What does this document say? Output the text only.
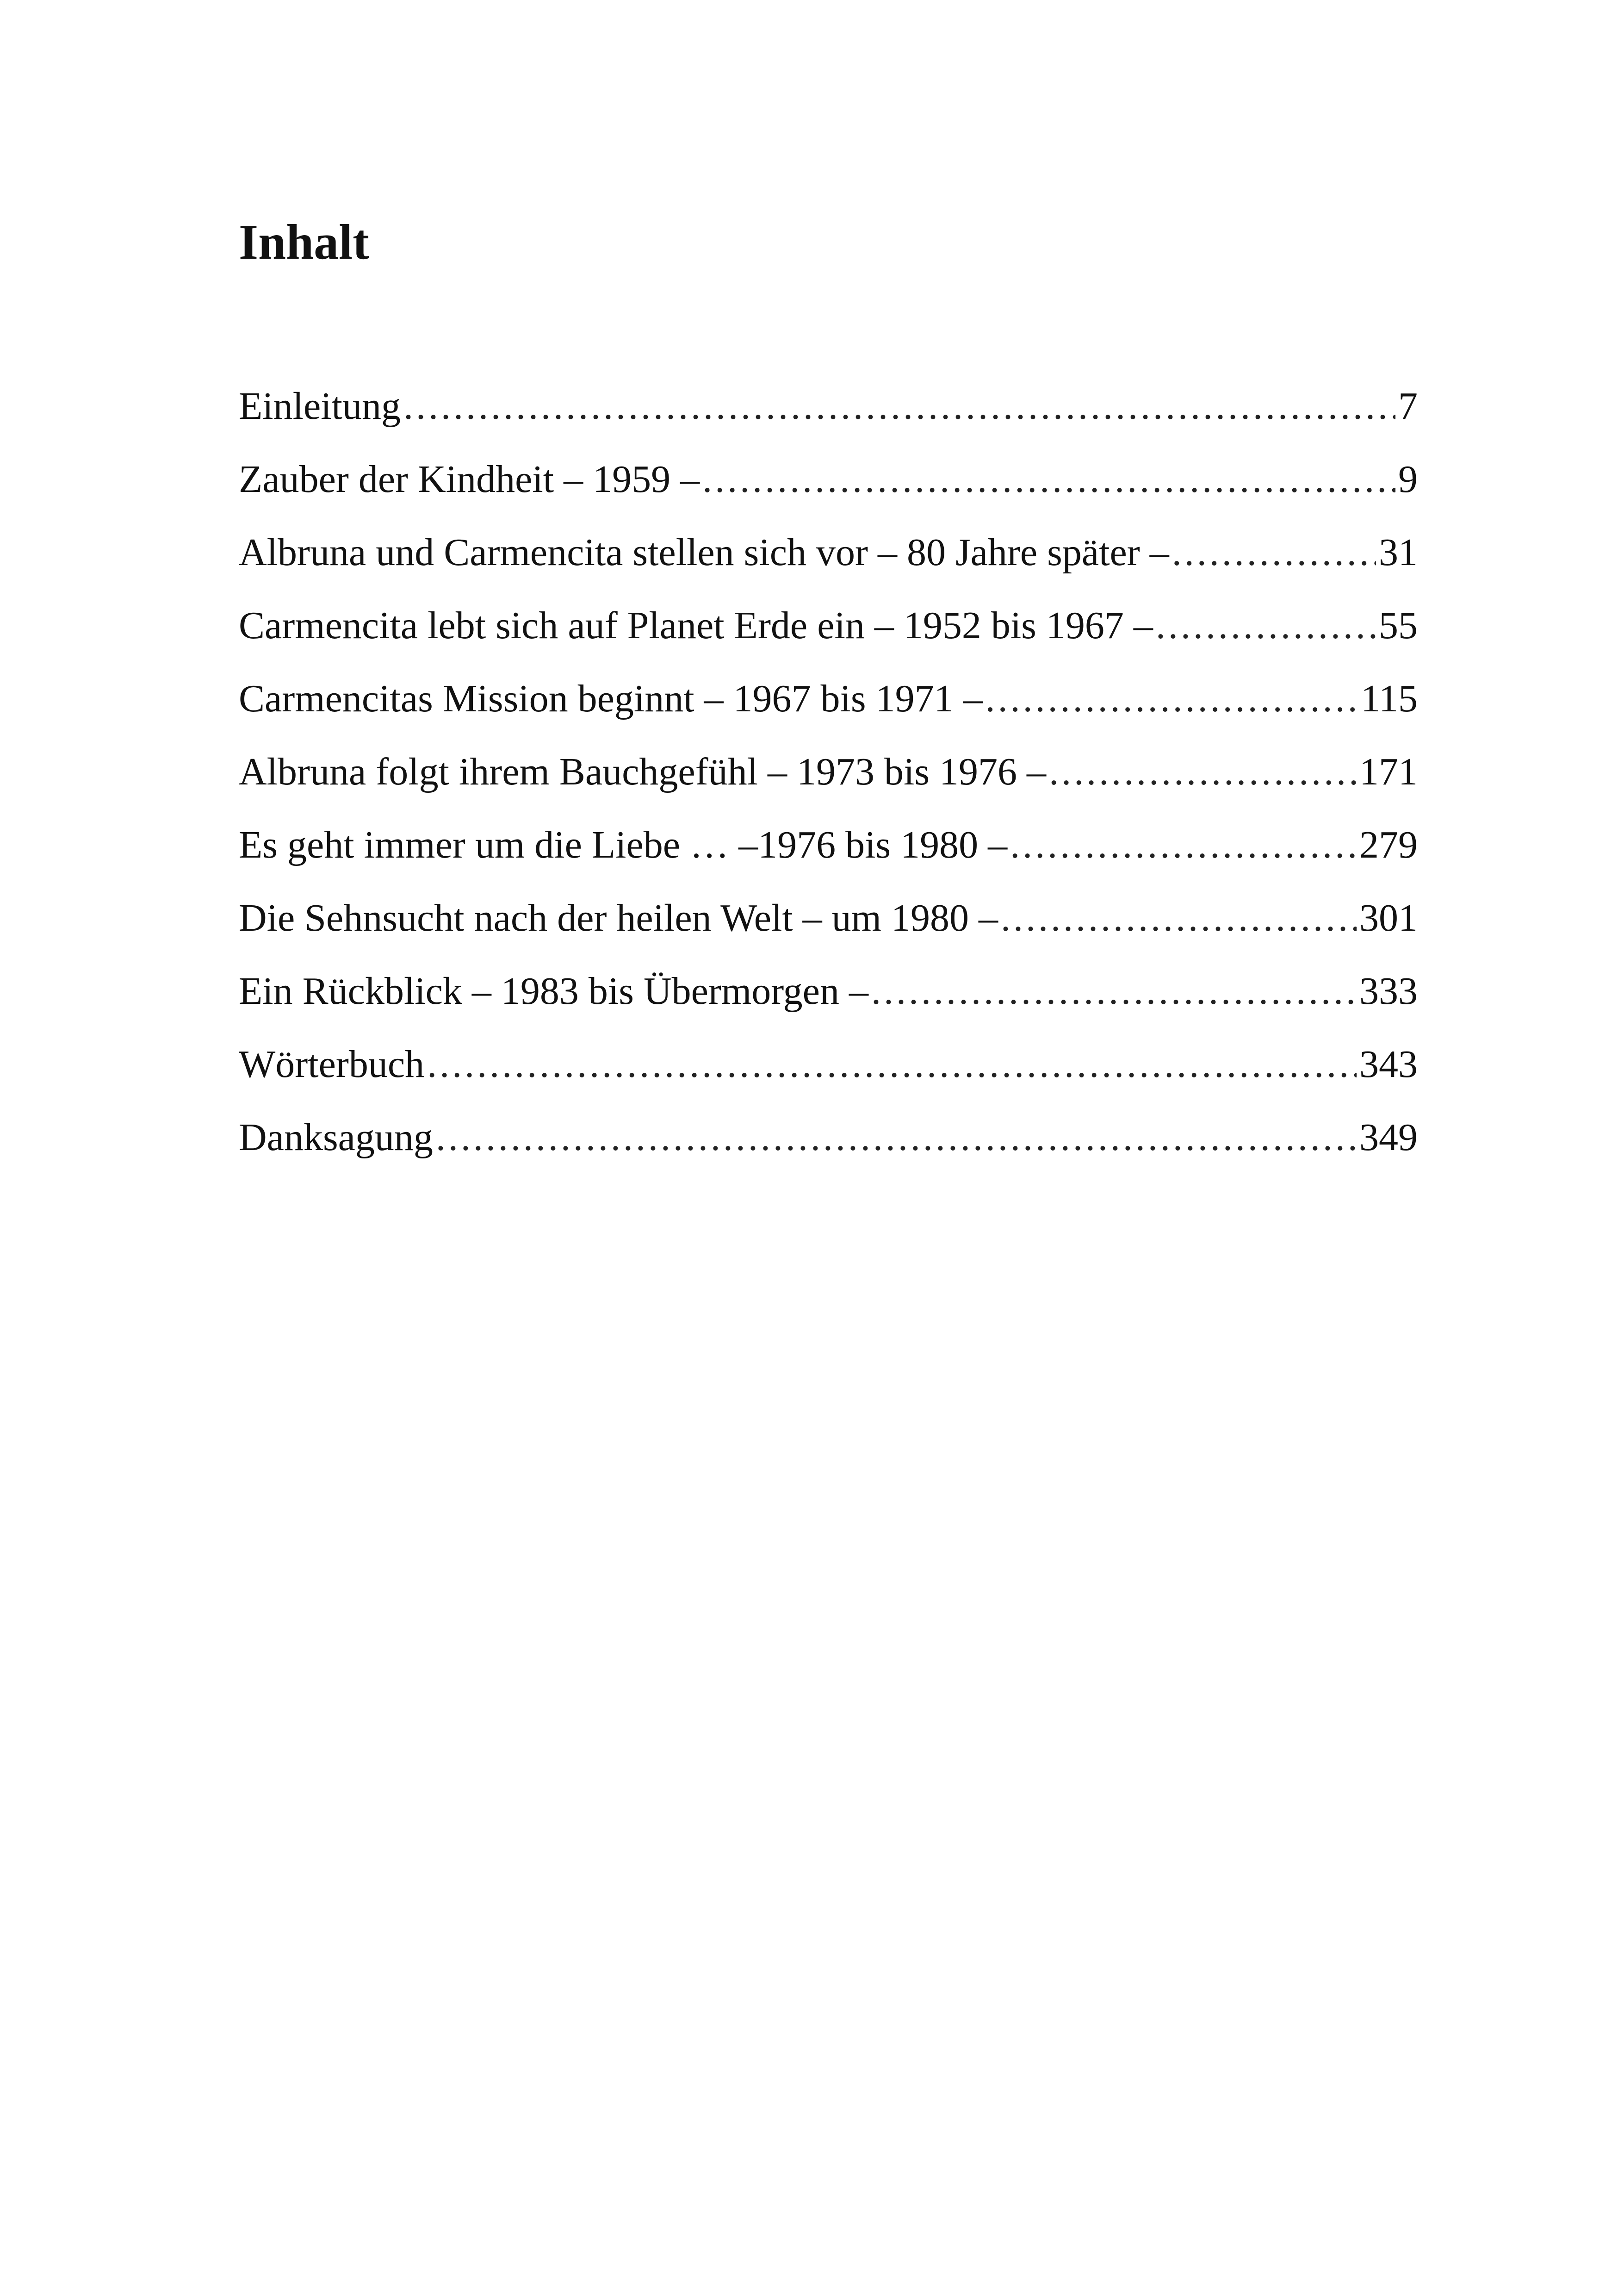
Inhalt
Einleitung .....	7
Zauber der Kindheit – 1959 – .....	9
Albruna und Carmencita stellen sich vor – 80 Jahre später – .....	31
Carmencita lebt sich auf Planet Erde ein – 1952 bis 1967 – .....	55
Carmencitas Mission beginnt – 1967 bis 1971 – .....	115
Albruna folgt ihrem Bauchgefühl – 1973 bis 1976 – .....	171
Es geht immer um die Liebe … –1976 bis 1980 – .....	279
Die Sehnsucht nach der heilen Welt – um 1980 – .....	301
Ein Rückblick – 1983 bis Übermorgen – .....	333
Wörterbuch .....	343
Danksagung .....	349
